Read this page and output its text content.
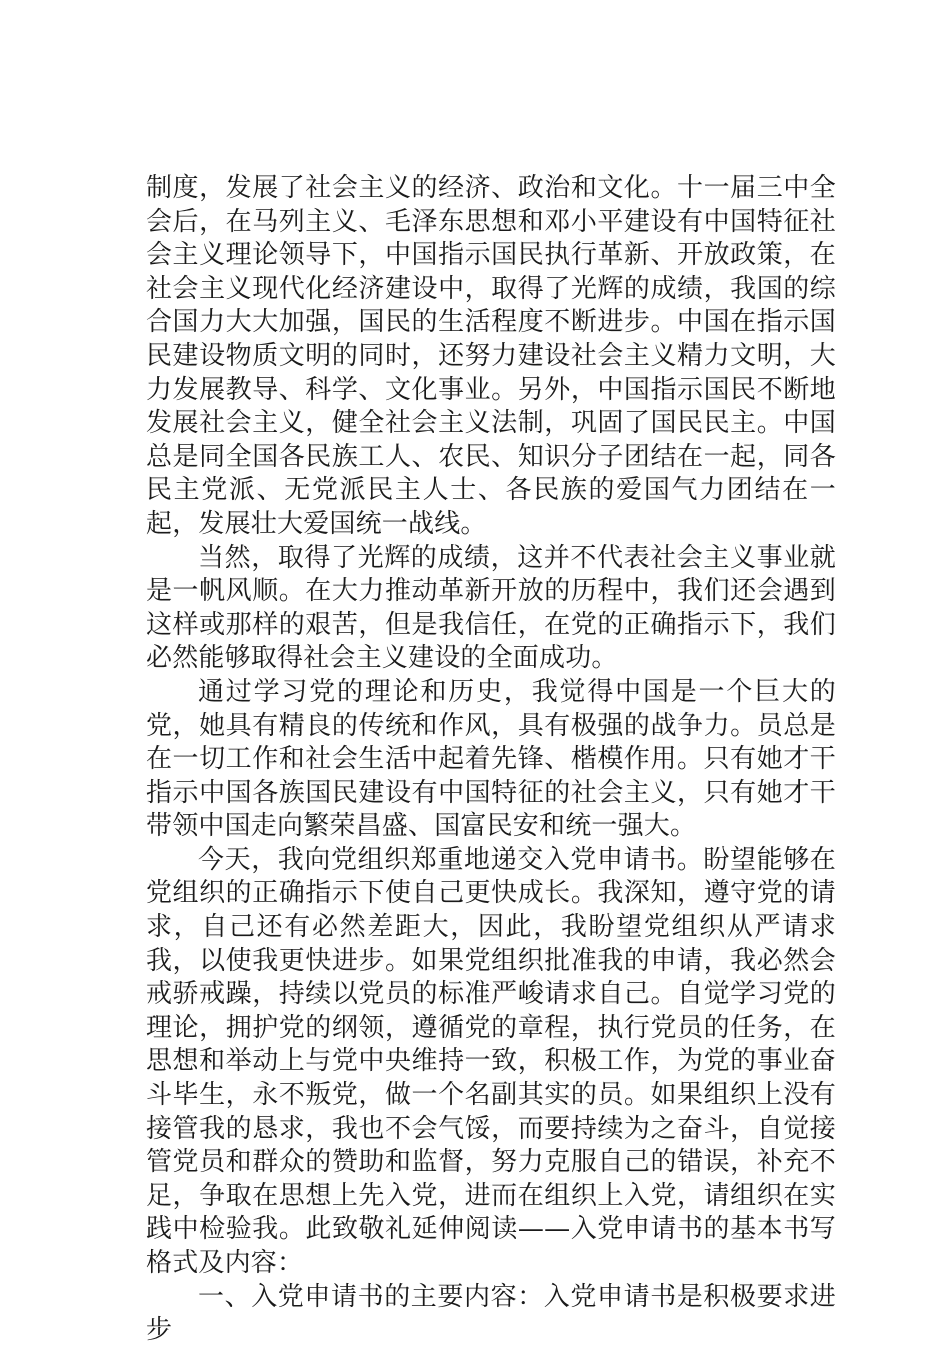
制度，发展了社会主义的经济、政治和文化。十一届三中全会后，在马列主义、毛泽东思想和邓小平建设有中国特征社会主义理论领导下，中国指示国民执行革新、开放政策，在社会主义现代化经济建设中，取得了光辉的成绩，我国的综合国力大大加强，国民的生活程度不断进步。中国在指示国民建设物质文明的同时，还努力建设社会主义精力文明，大力发展教导、科学、文化事业。另外，中国指示国民不断地发展社会主义，健全社会主义法制，巩固了国民民主。中国总是同全国各民族工人、农民、知识分子团结在一起，同各民主党派、无党派民主人士、各民族的爱国气力团结在一起，发展壮大爱国统一战线。

当然，取得了光辉的成绩，这并不代表社会主义事业就是一帆风顺。在大力推动革新开放的历程中，我们还会遇到这样或那样的艰苦，但是我信任，在党的正确指示下，我们必然能够取得社会主义建设的全面成功。

通过学习党的理论和历史，我觉得中国是一个巨大的党，她具有精良的传统和作风，具有极强的战争力。员总是在一切工作和社会生活中起着先锋、楷模作用。只有她才干指示中国各族国民建设有中国特征的社会主义，只有她才干带领中国走向繁荣昌盛、国富民安和统一强大。

今天，我向党组织郑重地递交入党申请书。盼望能够在党组织的正确指示下使自己更快成长。我深知，遵守党的请求，自己还有必然差距大，因此，我盼望党组织从严请求我，以使我更快进步。如果党组织批准我的申请，我必然会戒骄戒躁，持续以党员的标准严峻请求自己。自觉学习党的理论，拥护党的纲领，遵循党的章程，执行党员的任务，在思想和举动上与党中央维持一致，积极工作，为党的事业奋斗毕生，永不叛党，做一个名副其实的员。如果组织上没有接管我的恳求，我也不会气馁，而要持续为之奋斗，自觉接管党员和群众的赞助和监督，努力克服自己的错误，补充不足，争取在思想上先入党，进而在组织上入党，请组织在实践中检验我。此致敬礼延伸阅读——入党申请书的基本书写格式及内容：

一、入党申请书的主要内容：入党申请书是积极要求进步
